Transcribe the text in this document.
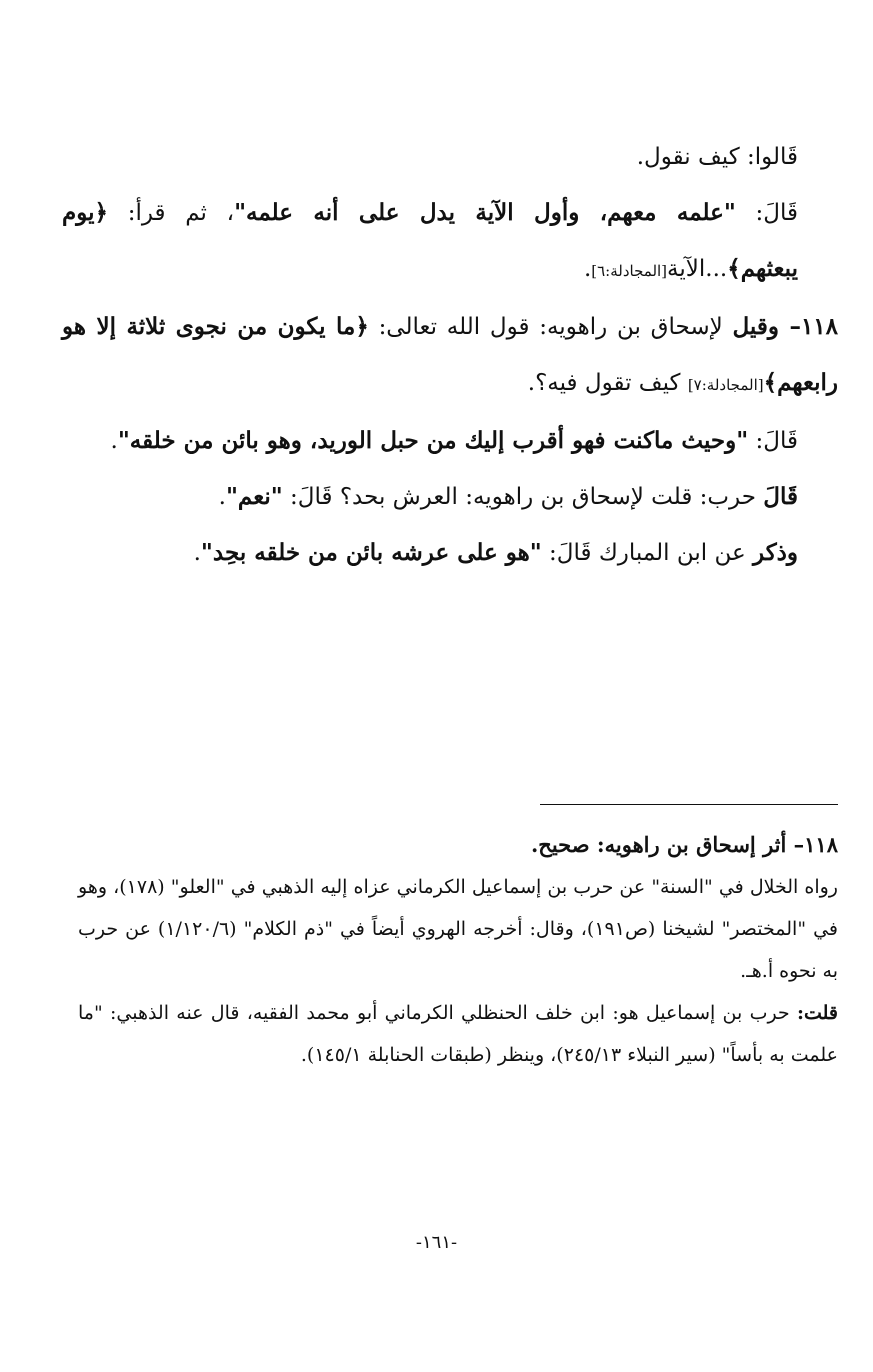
قَالوا: كيف نقول.

قَالَ: "علمه معهم، وأول الآية يدل على أنه علمه"، ثم قرأ: ﴿يوم يبعثهم﴾...الآية[المجادلة:٦].

١١٨– وقيل لإسحاق بن راهويه: قول الله تعالى: ﴿ما يكون من نجوى ثلاثة إلا هو رابعهم﴾[المجادلة:٧] كيف تقول فيه؟.

قَالَ: "وحيث ماكنت فهو أقرب إليك من حبل الوريد، وهو بائن من خلقه".

قَالَ حرب: قلت لإسحاق بن راهويه: العرش بحد؟ قَالَ: "نعم".

وذكر عن ابن المبارك قَالَ: "هو على عرشه بائن من خلقه بحِد".

١١٨– أثر إسحاق بن راهويه: صحيح.

رواه الخلال في "السنة" عن حرب بن إسماعيل الكرماني عزاه إليه الذهبي في "العلو" (١٧٨)، وهو في "المختصر" لشيخنا (ص١٩١)، وقال: أخرجه الهروي أيضاً في "ذم الكلام" (١/١٢٠/٦) عن حرب به نحوه أ.هـ.

قلت: حرب بن إسماعيل هو: ابن خلف الحنظلي الكرماني أبو محمد الفقيه، قال عنه الذهبي: "ما علمت به بأساً" (سير النبلاء ٢٤٥/١٣)، وينظر (طبقات الحنابلة ١٤٥/١).

-١٦١-
